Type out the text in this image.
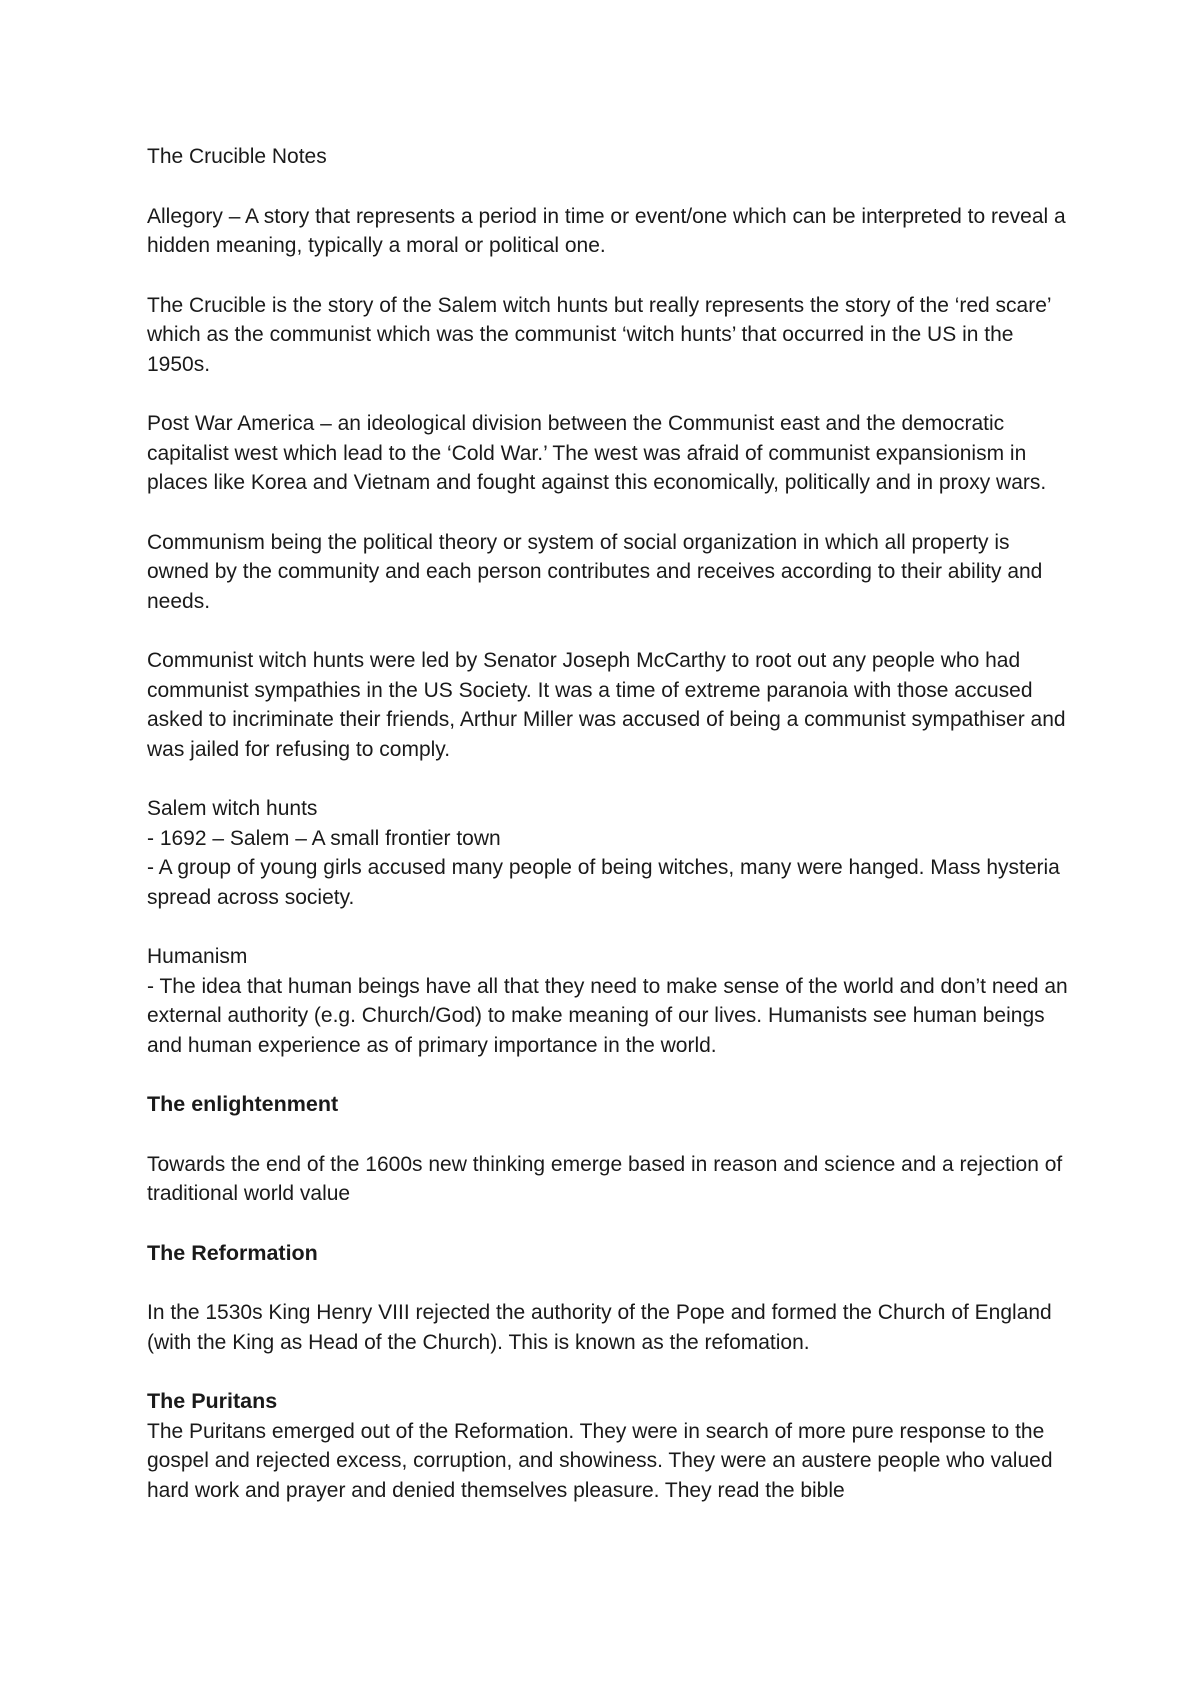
The Crucible Notes

Allegory – A story that represents a period in time or event/one which can be interpreted to reveal a hidden meaning, typically a moral or political one.

The Crucible is the story of the Salem witch hunts but really represents the story of the ‘red scare’ which as the communist which was the communist ‘witch hunts’ that occurred in the US in the 1950s.

Post War America – an ideological division between the Communist east and the democratic capitalist west which lead to the ‘Cold War.’ The west was afraid of communist expansionism in places like Korea and Vietnam and fought against this economically, politically and in proxy wars.

Communism being the political theory or system of social organization in which all property is owned by the community and each person contributes and receives according to their ability and needs.

Communist witch hunts were led by Senator Joseph McCarthy to root out any people who had communist sympathies in the US Society. It was a time of extreme paranoia with those accused asked to incriminate their friends, Arthur Miller was accused of being a communist sympathiser and was jailed for refusing to comply.

Salem witch hunts
- 1692 – Salem – A small frontier town
- A group of young girls accused many people of being witches, many were hanged. Mass hysteria spread across society.
Humanism
- The idea that human beings have all that they need to make sense of the world and don’t need an external authority (e.g. Church/God) to make meaning of our lives. Humanists see human beings and human experience as of primary importance in the world.

The enlightenment

Towards the end of the 1600s new thinking emerge based in reason and science and a rejection of traditional world value

The Reformation

In the 1530s King Henry VIII rejected the authority of the Pope and formed the Church of England (with the King as Head of the Church). This is known as the refomation.

The Puritans

The Puritans emerged out of the Reformation. They were in search of more pure response to the gospel and rejected excess, corruption, and showiness. They were an austere people who valued hard work and prayer and denied themselves pleasure. They read the bible
